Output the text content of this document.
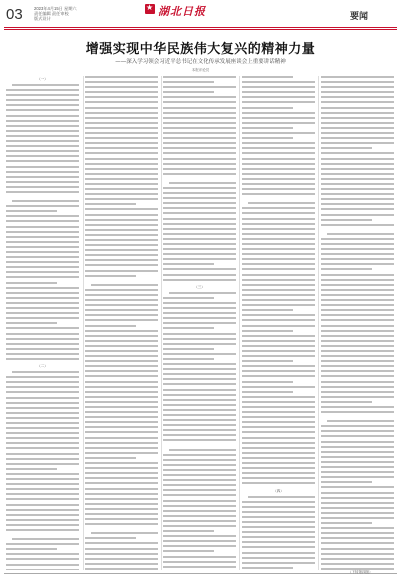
03	2023年4月15日 星期六
责任编辑 责任审校
版式设计
★ 湖北日报	要闻
增强实现中华民族伟大复兴的精神力量
——深入学习领会习近平总书记在文化传承发展座谈会上重要讲话精神
本报评论员
（一）
（二）
（三）
（四）
（下转第四版）
